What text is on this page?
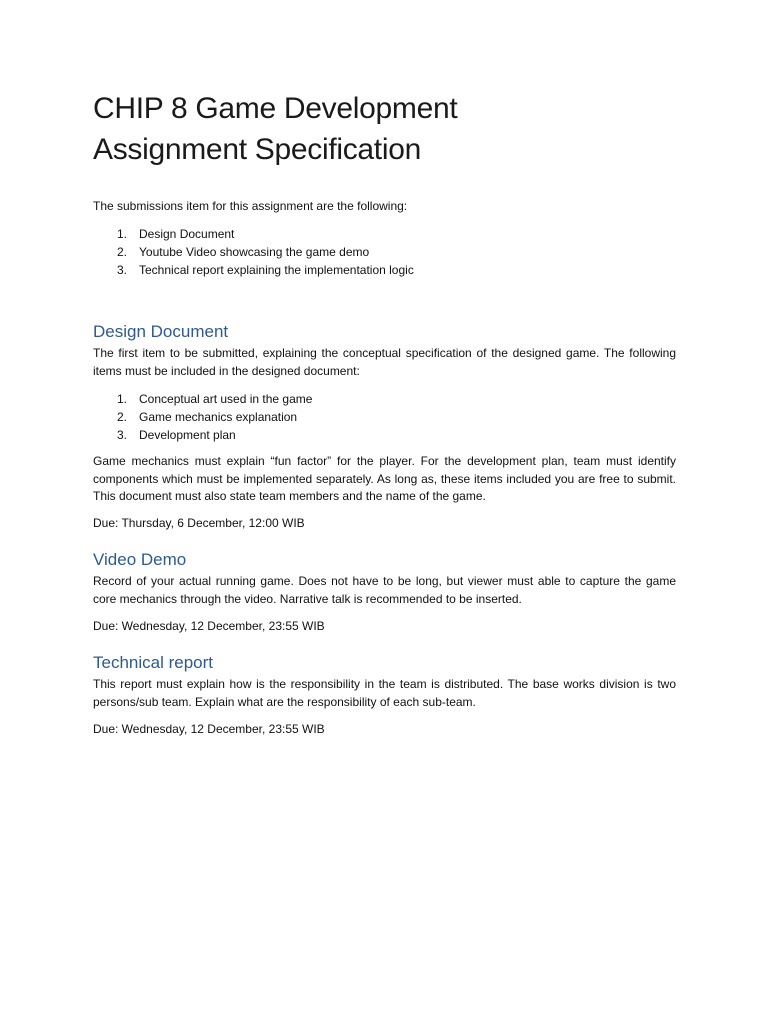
CHIP 8 Game Development
Assignment Specification

The submissions item for this assignment are the following:

1. Design Document
2. Youtube Video showcasing the game demo
3. Technical report explaining the implementation logic
Design Document

The first item to be submitted, explaining the conceptual specification of the designed game. The following items must be included in the designed document:

1. Conceptual art used in the game
2. Game mechanics explanation
3. Development plan

Game mechanics must explain “fun factor” for the player. For the development plan, team must identify components which must be implemented separately. As long as, these items included you are free to submit. This document must also state team members and the name of the game.

Due: Thursday, 6 December, 12:00 WIB

Video Demo

Record of your actual running game. Does not have to be long, but viewer must able to capture the game core mechanics through the video. Narrative talk is recommended to be inserted.

Due: Wednesday, 12 December, 23:55 WIB

Technical report

This report must explain how is the responsibility in the team is distributed. The base works division is two persons/sub team. Explain what are the responsibility of each sub-team.

Due: Wednesday, 12 December, 23:55 WIB
